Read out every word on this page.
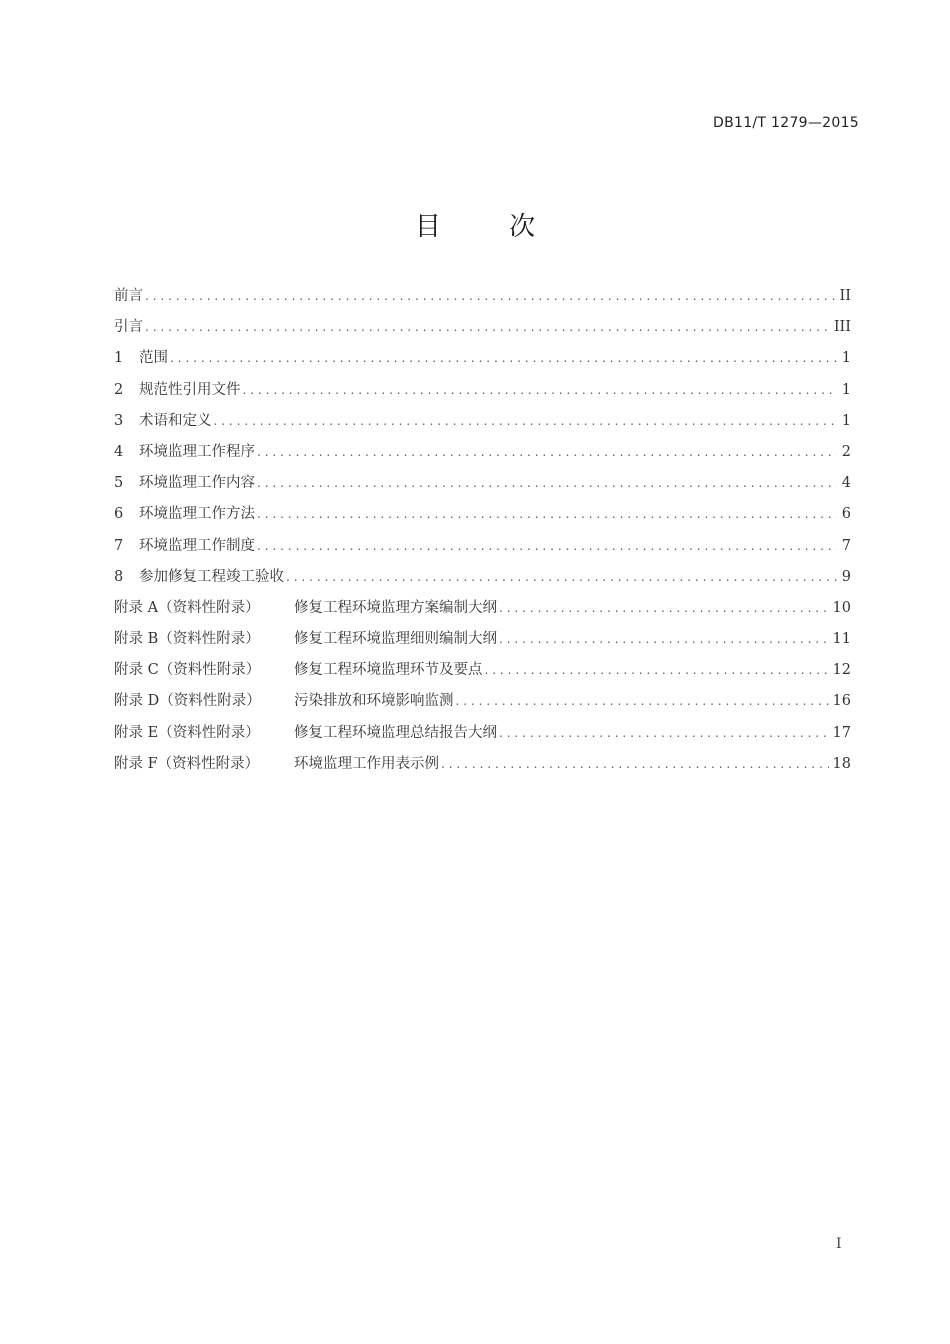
DB11/T 1279—2015
目 次
前言 .....	II
引言 .....	III
1	范围 .....	1
2	规范性引用文件 .....	1
3	术语和定义 .....	1
4	环境监理工作程序 .....	2
5	环境监理工作内容 .....	4
6	环境监理工作方法 .....	6
7	环境监理工作制度 .....	7
8	参加修复工程竣工验收 .....	9
附录 A（资料性附录）	修复工程环境监理方案编制大纲 .....	10
附录 B（资料性附录）	修复工程环境监理细则编制大纲 .....	11
附录 C（资料性附录）	修复工程环境监理环节及要点 .....	12
附录 D（资料性附录）	污染排放和环境影响监测 .....	16
附录 E（资料性附录）	修复工程环境监理总结报告大纲 .....	17
附录 F（资料性附录）	环境监理工作用表示例 .....	18
I
